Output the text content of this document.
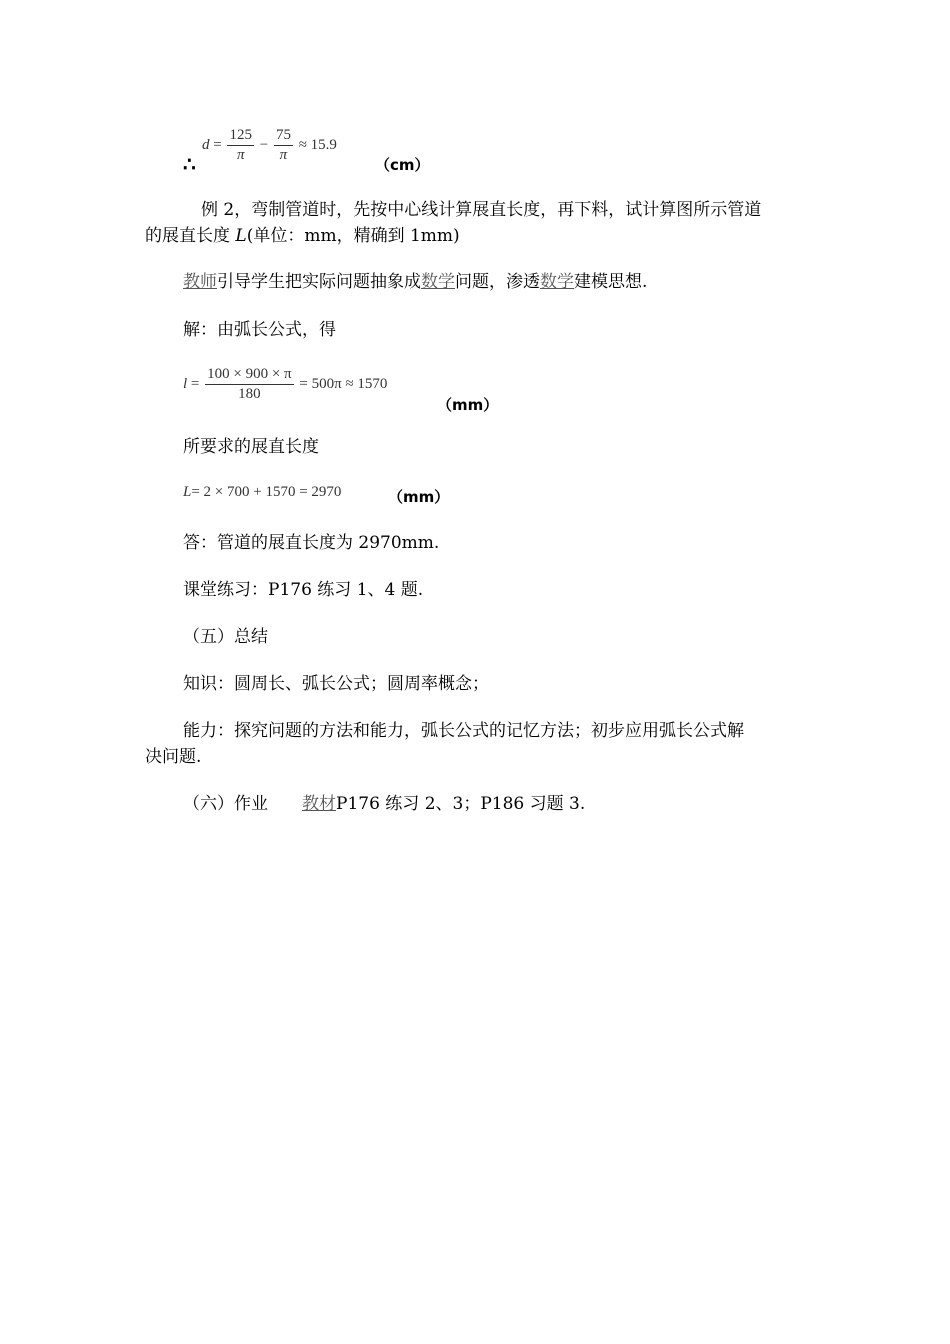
∴
$d = \frac{125}{\pi} - \frac{75}{\pi} \approx 15.9$
（cm）
例 2，弯制管道时，先按中心线计算展直长度，再下料，试计算图所示管道
的展直长度 L(单位：mm，精确到 1mm)
教师引导学生把实际问题抽象成数学问题，渗透数学建模思想.
解：由弧长公式，得
$l = \frac{100 \times 900 \times \pi}{180} = 500\pi \approx 1570$
（mm）
所要求的展直长度
L= 2 × 700 + 1570 = 2970	（mm）
答：管道的展直长度为 2970mm.
课堂练习：P176 练习 1、4 题.
（五）总结
知识：圆周长、弧长公式；圆周率概念；
能力：探究问题的方法和能力，弧长公式的记忆方法；初步应用弧长公式解
决问题.
（六）作业 教材P176 练习 2、3；P186 习题 3.
